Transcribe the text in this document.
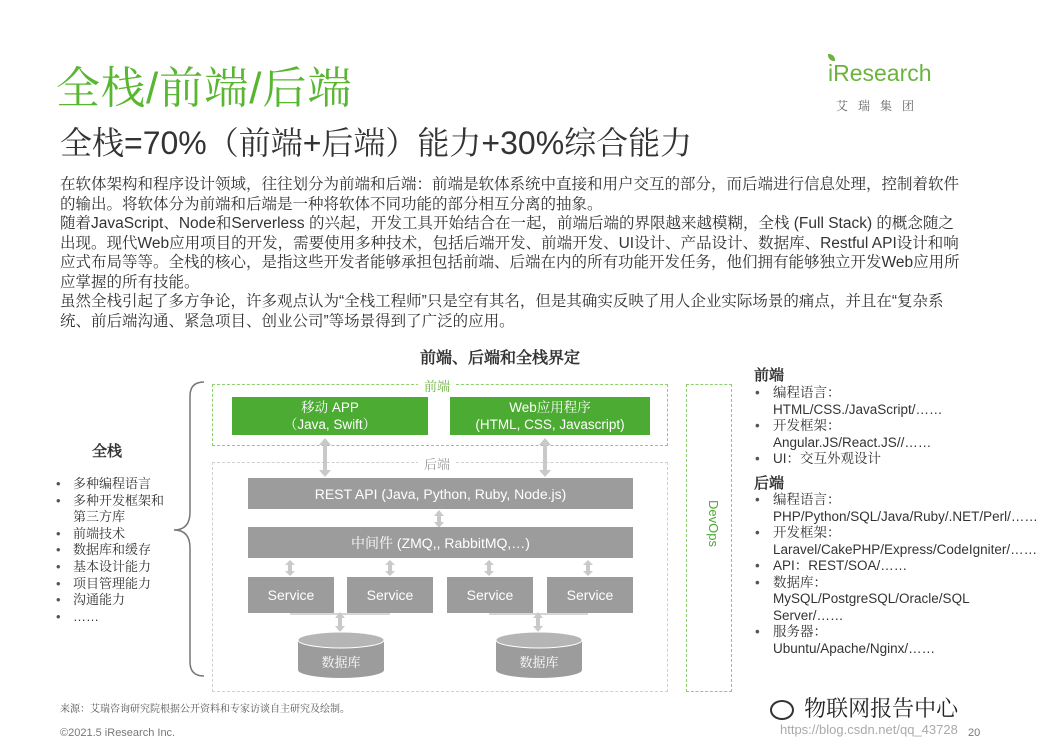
全栈/前端/后端
全栈=70%（前端+后端）能力+30%综合能力
iResearch
艾瑞集团

在软体架构和程序设计领域，往往划分为前端和后端：前端是软体系统中直接和用户交互的部分，而后端进行信息处理，控制着软件的输出。将软体分为前端和后端是一种将软体不同功能的部分相互分离的抽象。

随着JavaScript、Node和Serverless 的兴起，开发工具开始结合在一起，前端后端的界限越来越模糊，全栈 (Full Stack) 的概念随之出现。现代Web应用项目的开发，需要使用多种技术，包括后端开发、前端开发、UI设计、产品设计、数据库、Restful API设计和响应式布局等等。全栈的核心，是指这些开发者能够承担包括前端、后端在内的所有功能开发任务，他们拥有能够独立开发Web应用所应掌握的所有技能。

虽然全栈引起了多方争论，许多观点认为“全栈工程师”只是空有其名，但是其确实反映了用人企业实际场景的痛点，并且在“复杂系统、前后端沟通、紧急项目、创业公司”等场景得到了广泛的应用。

前端、后端和全栈界定
全栈
• 多种编程语言
• 多种开发框架和第三方库
• 前端技术
• 数据库和缓存
• 基本设计能力
• 项目管理能力
• 沟通能力
• ……
前端
移动 APP
（Java, Swift）
Web应用程序
(HTML, CSS, Javascript)
后端
DevOps
REST API (Java, Python, Ruby, Node.js)
中间件 (ZMQ,, RabbitMQ,…)
Service	Service	Service	Service
数据库	数据库
前端
• 编程语言：HTML/CSS./JavaScript/……
• 开发框架：Angular.JS/React.JS//……
• UI：交互外观设计
后端
• 编程语言：PHP/Python/SQL/Java/Ruby/.NET/Perl/……
• 开发框架：Laravel/CakePHP/Express/CodeIgniter/……
• API：REST/SOA/……
• 数据库：MySQL/PostgreSQL/Oracle/SQL Server/……
• 服务器：Ubuntu/Apache/Nginx/……
来源：艾瑞咨询研究院根据公开资料和专家访谈自主研究及绘制。
©2021.5 iResearch Inc.
物联网报告中心
https://blog.csdn.net/qq_43728 20
